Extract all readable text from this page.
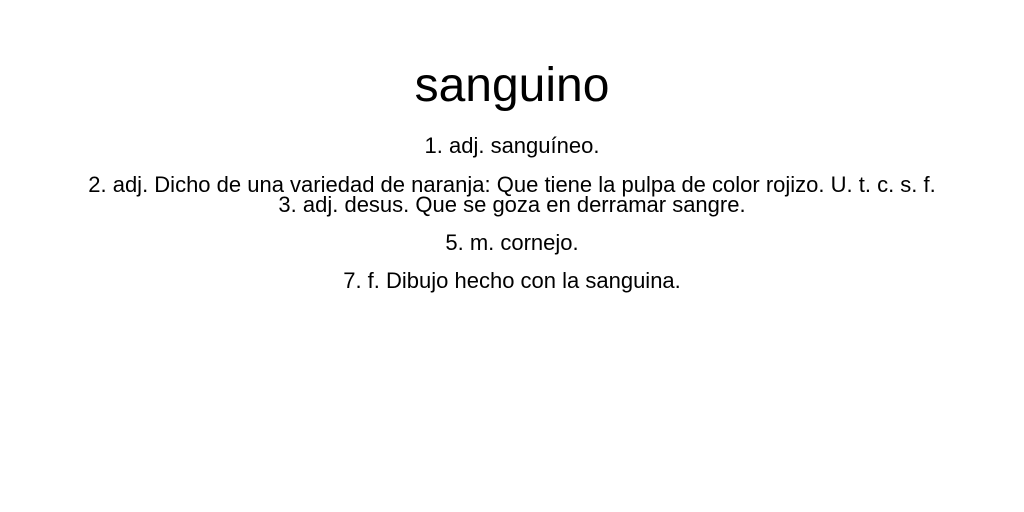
sanguino
1. adj. sanguíneo.
2. adj. Dicho de una variedad de naranja: Que tiene la pulpa de color rojizo. U. t. c. s. f.
3. adj. desus. Que se goza en derramar sangre.
5. m. cornejo.
7. f. Dibujo hecho con la sanguina.
